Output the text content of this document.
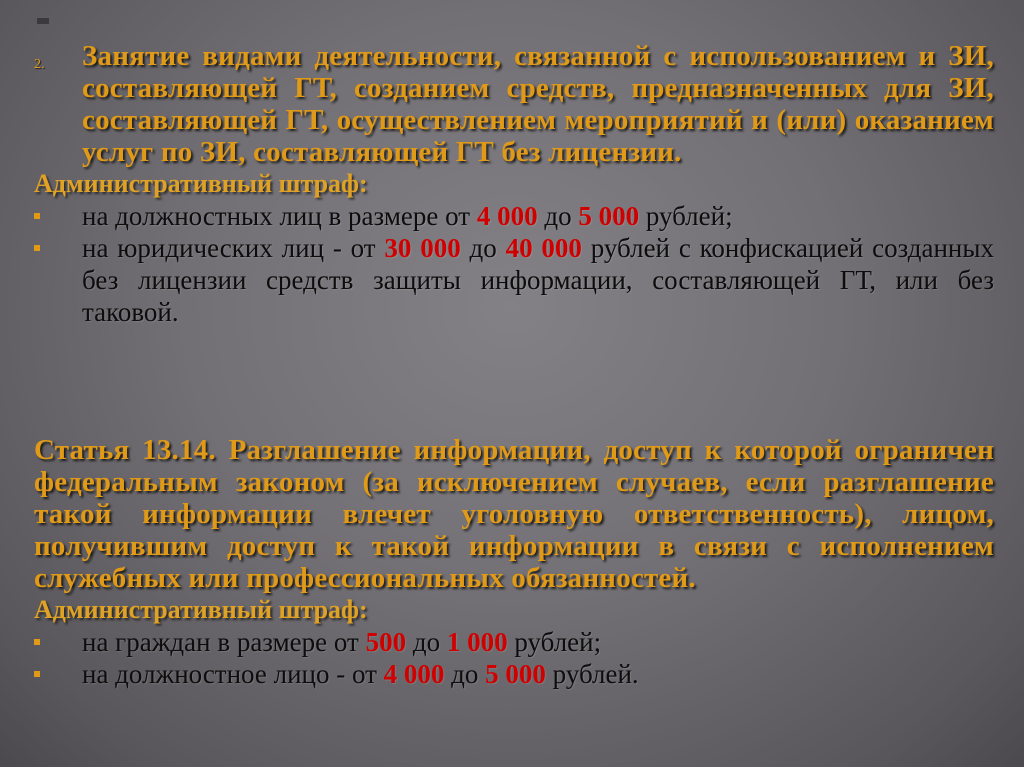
2. Занятие видами деятельности, связанной с использованием и ЗИ, составляющей ГТ, созданием средств, предназначенных для ЗИ, составляющей ГТ, осуществлением мероприятий и (или) оказанием услуг по ЗИ, составляющей ГТ без лицензии.
Административный штраф:
на должностных лиц в размере от 4 000 до 5 000 рублей;
на юридических лиц - от 30 000 до 40 000 рублей с конфискацией созданных без лицензии средств защиты информации, составляющей ГТ, или без таковой.
Статья 13.14. Разглашение информации, доступ к которой ограничен федеральным законом (за исключением случаев, если разглашение такой информации влечет уголовную ответственность), лицом, получившим доступ к такой информации в связи с исполнением служебных или профессиональных обязанностей.
Административный штраф:
на граждан в размере от 500 до 1 000 рублей;
на должностное лицо - от 4 000 до 5 000 рублей.
